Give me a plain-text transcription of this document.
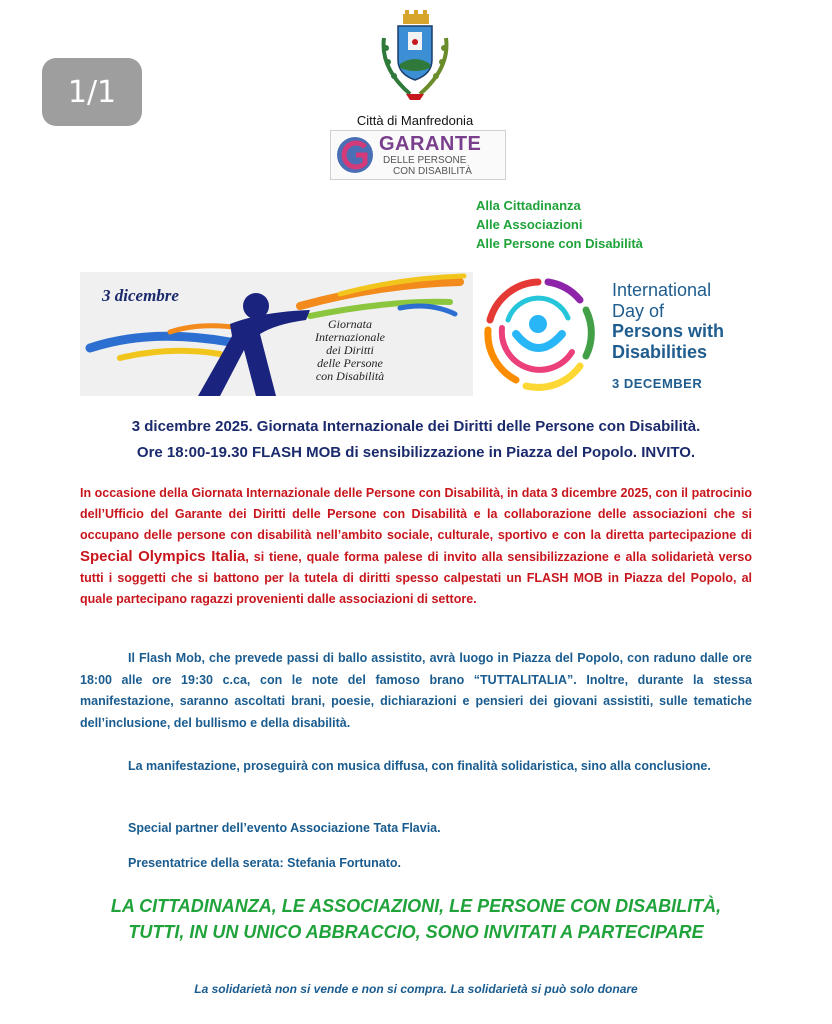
1/1
Città di Manfredonia
GARANTE
DELLE PERSONE
CON DISABILITÀ
Alla Cittadinanza
Alle Associazioni
Alle Persone con Disabilità
3 dicembre
Giornata
Internazionale
dei Diritti
delle Persone
con Disabilità
International
Day of
Persons with
Disabilities
3 DECEMBER
3 dicembre 2025. Giornata Internazionale dei Diritti delle Persone con Disabilità.
Ore 18:00-19.30 FLASH MOB di sensibilizzazione in Piazza del Popolo. INVITO.
In occasione della Giornata Internazionale delle Persone con Disabilità, in data 3 dicembre 2025, con il patrocinio dell’Ufficio del Garante dei Diritti delle Persone con Disabilità e la collaborazione delle associazioni che si occupano delle persone con disabilità nell’ambito sociale, culturale, sportivo e con la diretta partecipazione di Special Olympics Italia, si tiene, quale forma palese di invito alla sensibilizzazione e alla solidarietà verso tutti i soggetti che si battono per la tutela di diritti spesso calpestati un FLASH MOB in Piazza del Popolo, al quale partecipano ragazzi provenienti dalle associazioni di settore.
Il Flash Mob, che prevede passi di ballo assistito, avrà luogo in Piazza del Popolo, con raduno dalle ore 18:00 alle ore 19:30 c.ca, con le note del famoso brano “TUTTALITALIA”. Inoltre, durante la stessa manifestazione, saranno ascoltati brani, poesie, dichiarazioni e pensieri dei giovani assistiti, sulle tematiche dell’inclusione, del bullismo e della disabilità.
La manifestazione, proseguirà con musica diffusa, con finalità solidaristica, sino alla conclusione.
Special partner dell’evento Associazione Tata Flavia.
Presentatrice della serata: Stefania Fortunato.
LA CITTADINANZA, LE ASSOCIAZIONI, LE PERSONE CON DISABILITÀ,
TUTTI, IN UN UNICO ABBRACCIO, SONO INVITATI A PARTECIPARE
La solidarietà non si vende e non si compra. La solidarietà si può solo donare
